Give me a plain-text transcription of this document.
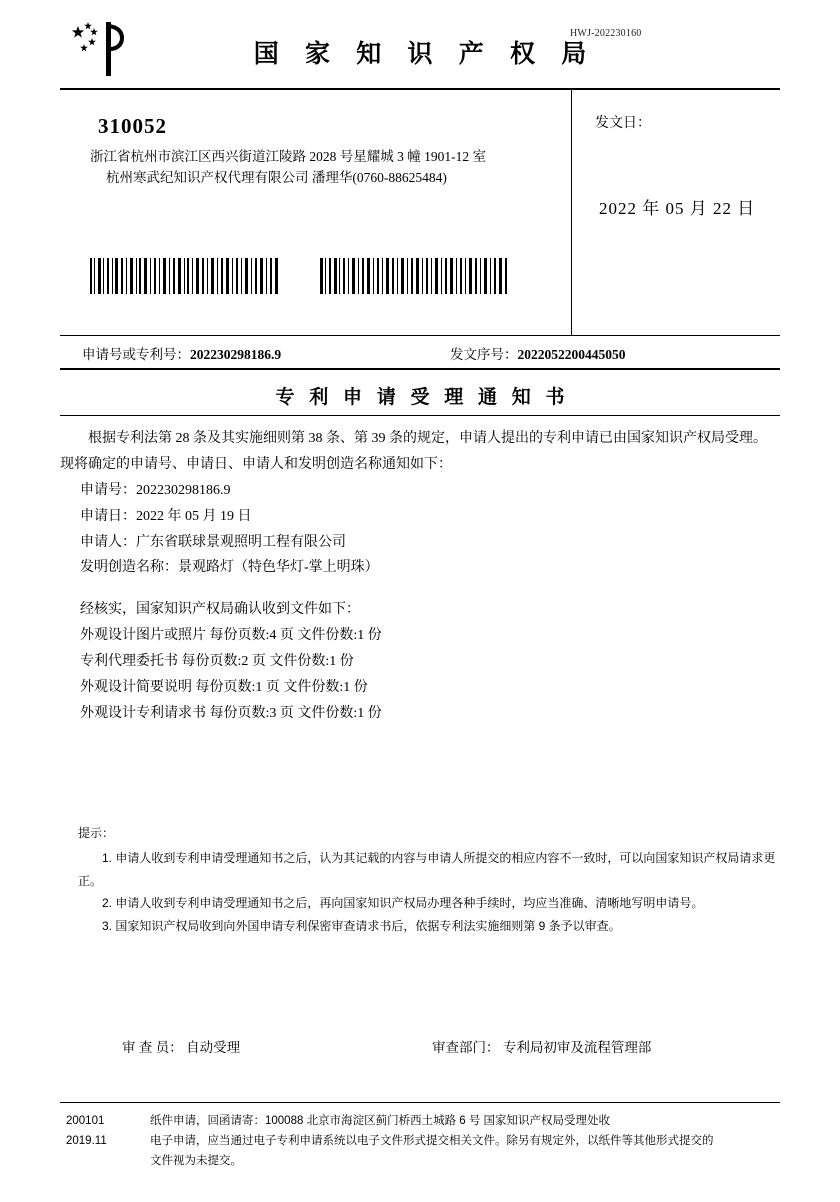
HWJ-202230160
国 家 知 识 产 权 局
310052
浙江省杭州市滨江区西兴街道江陵路 2028 号星耀城 3 幢 1901-12 室
杭州寒武纪知识产权代理有限公司 潘理华(0760-88625484)
发文日：
2022 年 05 月 22 日
申请号或专利号：202230298186.9	发文序号：2022052200445050
专 利 申 请 受 理 通 知 书

根据专利法第 28 条及其实施细则第 38 条、第 39 条的规定，申请人提出的专利申请已由国家知识产权局受理。现将确定的申请号、申请日、申请人和发明创造名称通知如下：

申请号：202230298186.9

申请日：2022 年 05 月 19 日

申请人：广东省联球景观照明工程有限公司

发明创造名称：景观路灯（特色华灯-掌上明珠）

经核实，国家知识产权局确认收到文件如下：

外观设计图片或照片 每份页数:4 页 文件份数:1 份

专利代理委托书 每份页数:2 页 文件份数:1 份

外观设计简要说明 每份页数:1 页 文件份数:1 份

外观设计专利请求书 每份页数:3 页 文件份数:1 份

提示：

1. 申请人收到专利申请受理通知书之后，认为其记载的内容与申请人所提交的相应内容不一致时，可以向国家知识产权局请求更正。

2. 申请人收到专利申请受理通知书之后，再向国家知识产权局办理各种手续时，均应当准确、清晰地写明申请号。

3. 国家知识产权局收到向外国申请专利保密审查请求书后，依据专利法实施细则第 9 条予以审查。

审 查 员： 自动受理	审查部门： 专利局初审及流程管理部
200101
2019.11
纸件申请，回函请寄：100088 北京市海淀区蓟门桥西土城路 6 号 国家知识产权局受理处收
电子申请，应当通过电子专利申请系统以电子文件形式提交相关文件。除另有规定外，以纸件等其他形式提交的
文件视为未提交。
